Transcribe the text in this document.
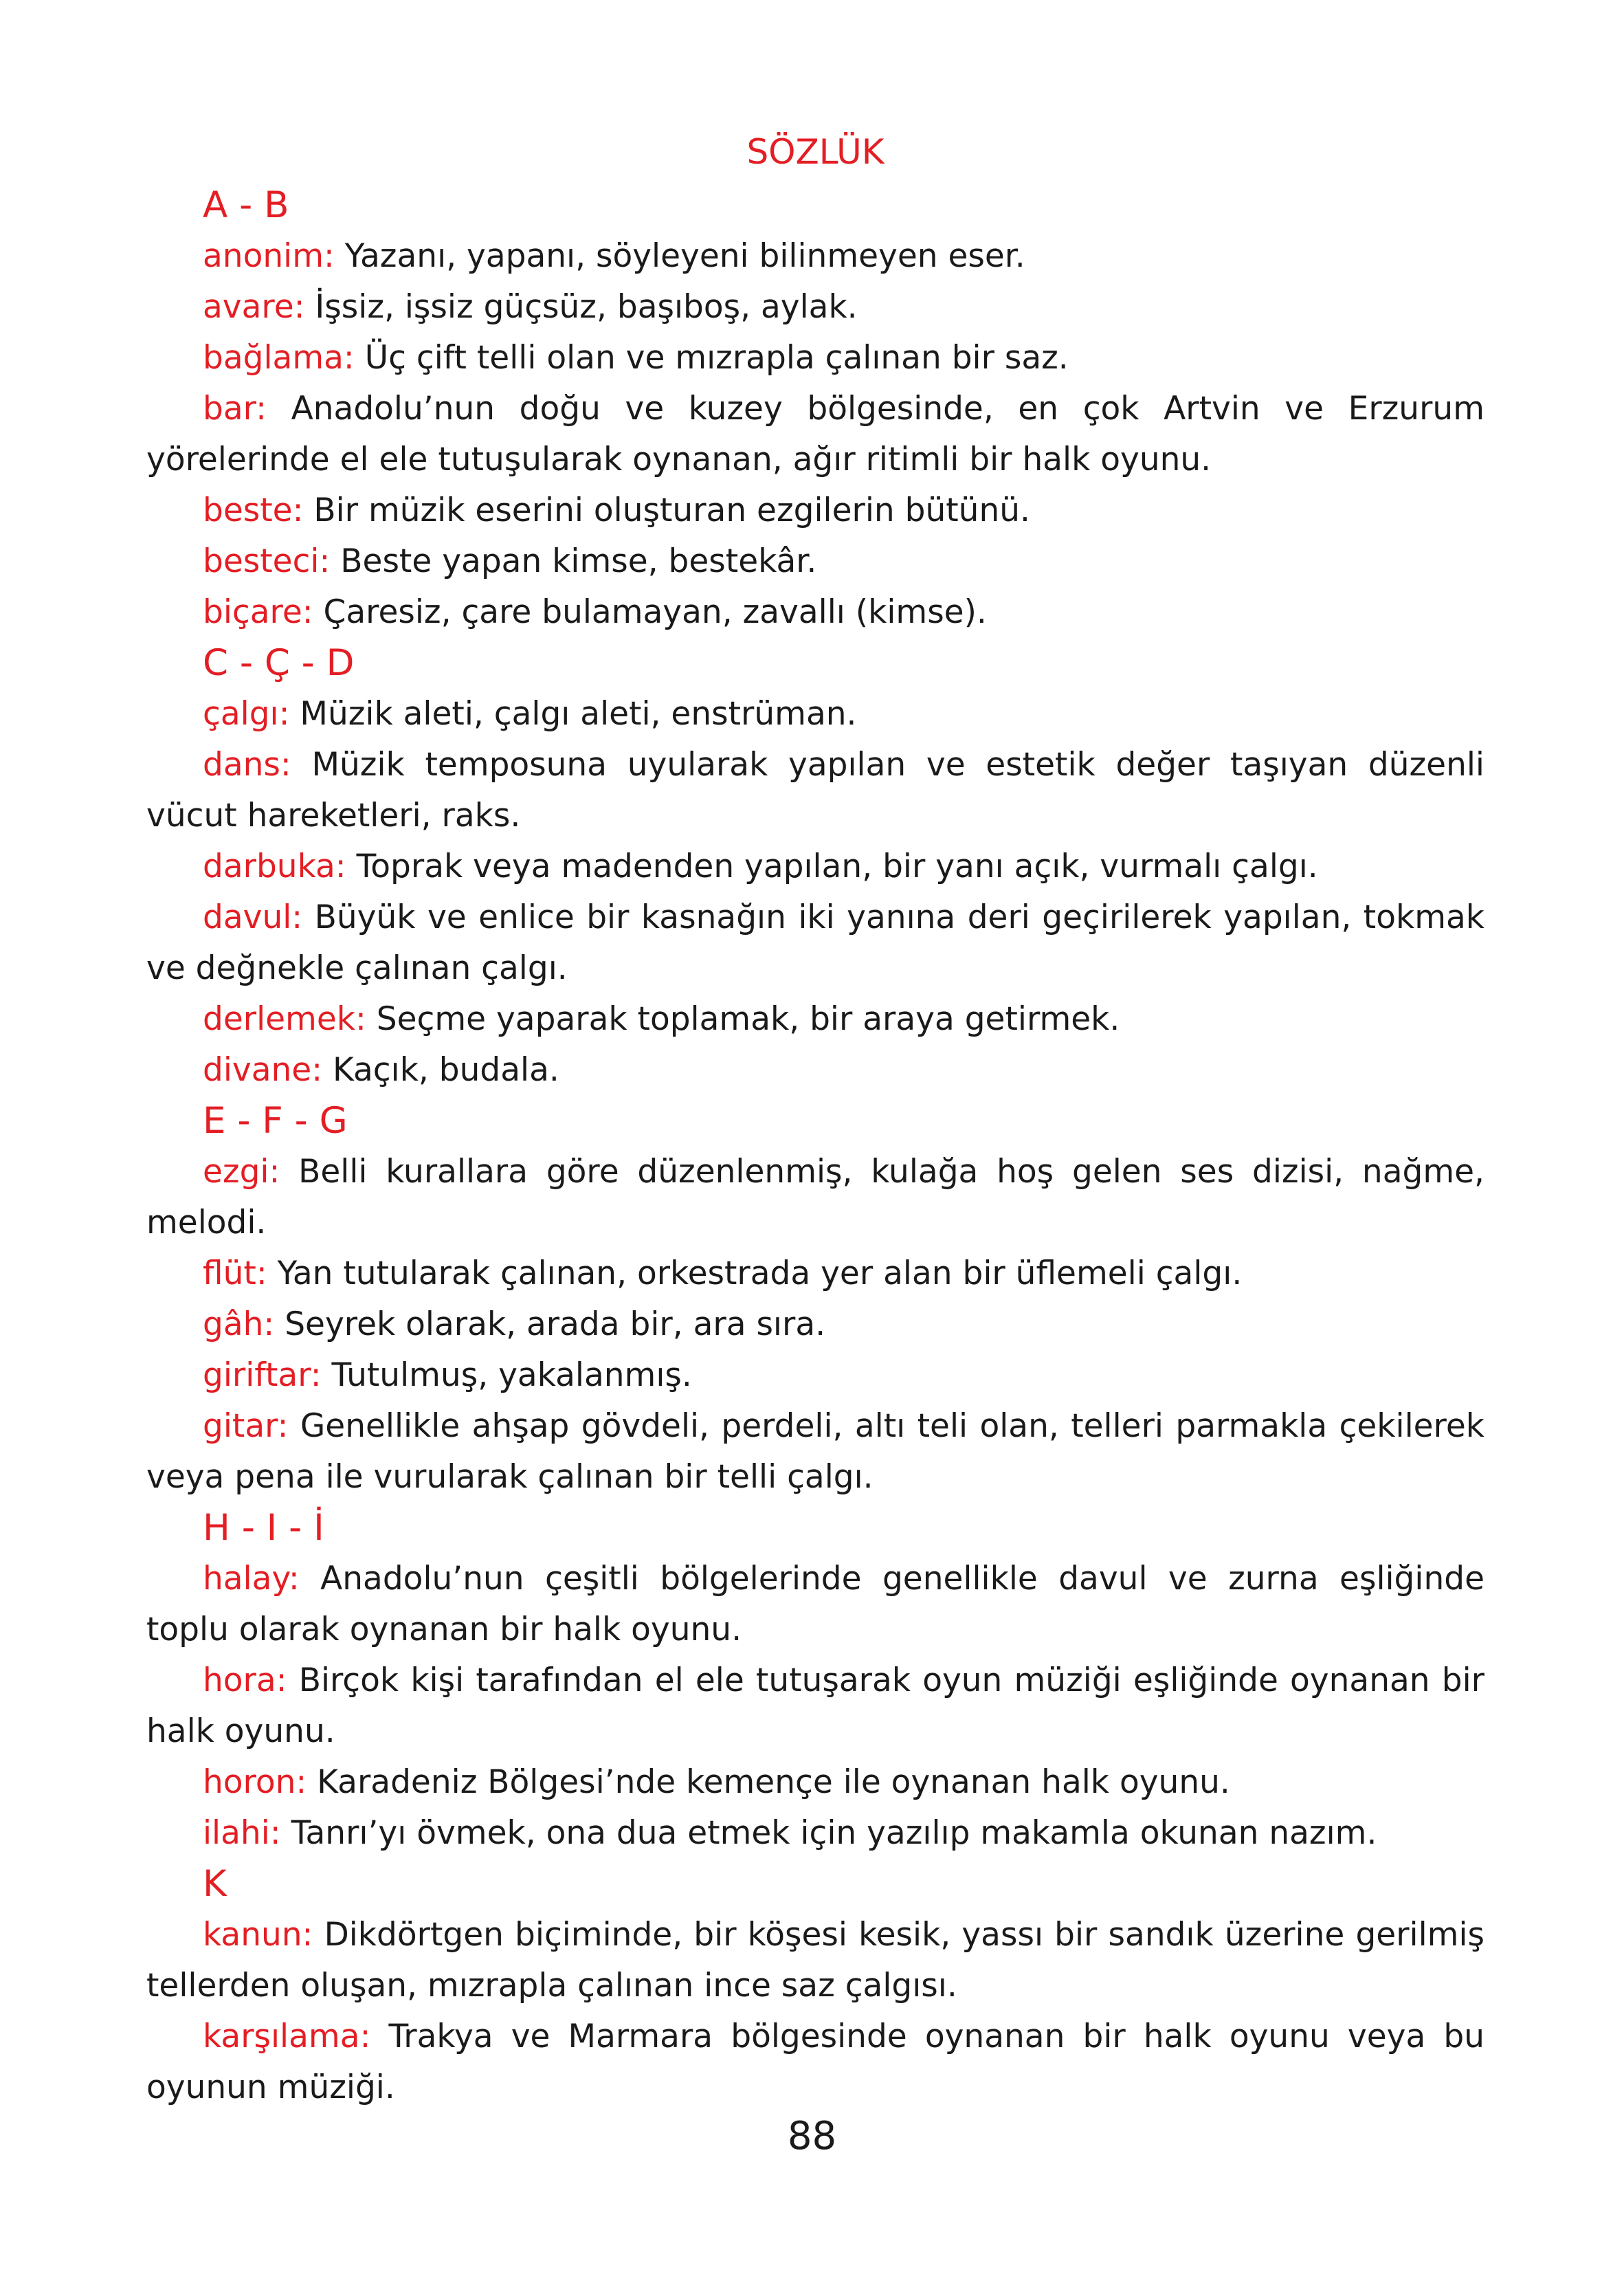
SÖZLÜK
A - B
anonim: Yazanı, yapanı, söyleyeni bilinmeyen eser.
avare: İşsiz, işsiz güçsüz, başıboş, aylak.
bağlama: Üç çift telli olan ve mızrapla çalınan bir saz.
bar: Anadolu’nun doğu ve kuzey bölgesinde, en çok Artvin ve Erzurum yörelerinde el ele tutuşularak oynanan, ağır ritimli bir halk oyunu.
beste: Bir müzik eserini oluşturan ezgilerin bütünü.
besteci: Beste yapan kimse, bestekâr.
biçare: Çaresiz, çare bulamayan, zavallı (kimse).
C - Ç - D
çalgı: Müzik aleti, çalgı aleti, enstrüman.
dans: Müzik temposuna uyularak yapılan ve estetik değer taşıyan düzenli vücut hareketleri, raks.
darbuka: Toprak veya madenden yapılan, bir yanı açık, vurmalı çalgı.
davul: Büyük ve enlice bir kasnağın iki yanına deri geçirilerek yapılan, tokmak ve değnekle çalınan çalgı.
derlemek: Seçme yaparak toplamak, bir araya getirmek.
divane: Kaçık, budala.
E - F - G
ezgi: Belli kurallara göre düzenlenmiş, kulağa hoş gelen ses dizisi, nağme, melodi.
flüt: Yan tutularak çalınan, orkestrada yer alan bir üflemeli çalgı.
gâh: Seyrek olarak, arada bir, ara sıra.
giriftar: Tutulmuş, yakalanmış.
gitar: Genellikle ahşap gövdeli, perdeli, altı teli olan, telleri parmakla çekilerek veya pena ile vurularak çalınan bir telli çalgı.
H - I - İ
halay: Anadolu’nun çeşitli bölgelerinde genellikle davul ve zurna eşliğinde toplu olarak oynanan bir halk oyunu.
hora: Birçok kişi tarafından el ele tutuşarak oyun müziği eşliğinde oynanan bir halk oyunu.
horon: Karadeniz Bölgesi’nde kemençe ile oynanan halk oyunu.
ilahi: Tanrı’yı övmek, ona dua etmek için yazılıp makamla okunan nazım.
K
kanun: Dikdörtgen biçiminde, bir köşesi kesik, yassı bir sandık üzerine gerilmiş tellerden oluşan, mızrapla çalınan ince saz çalgısı.
karşılama: Trakya ve Marmara bölgesinde oynanan bir halk oyunu veya bu oyunun müziği.
88
